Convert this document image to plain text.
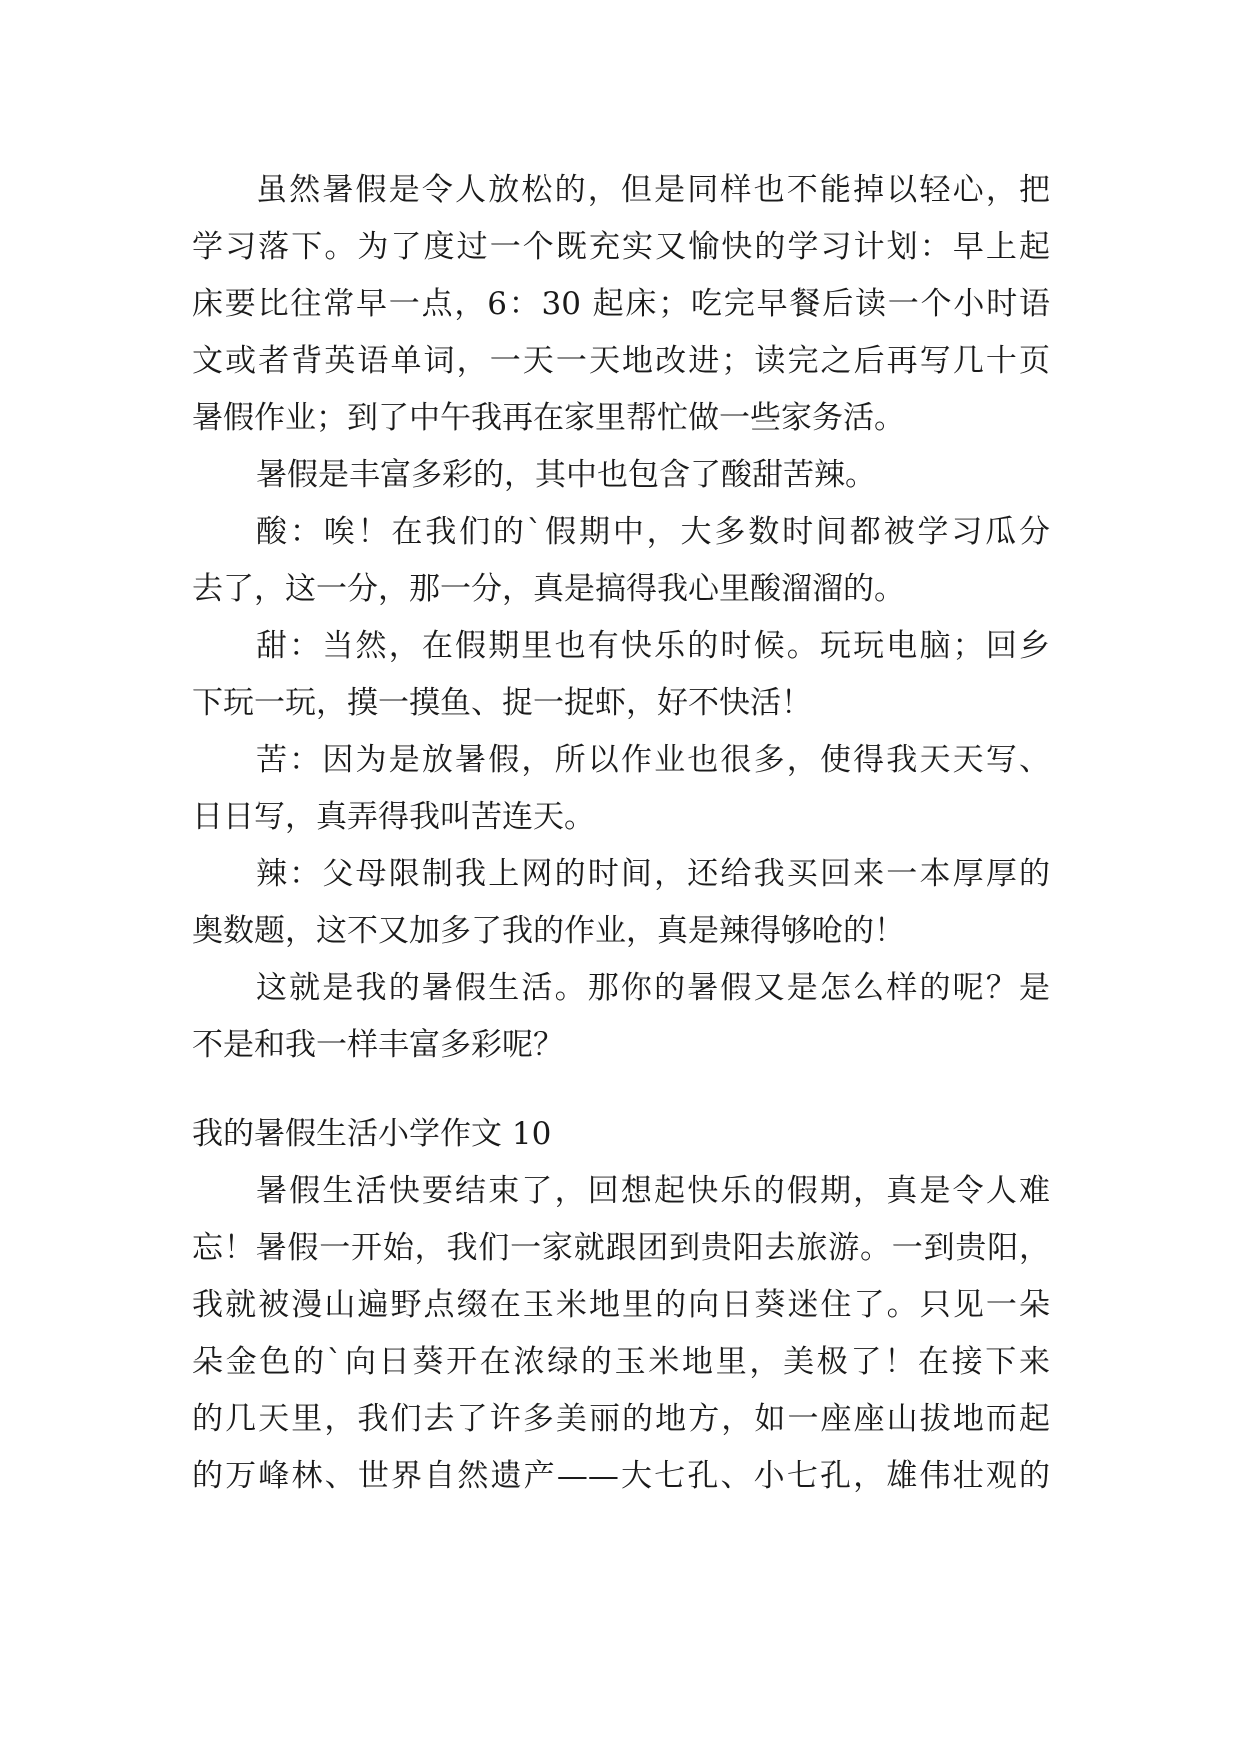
虽然暑假是令人放松的，但是同样也不能掉以轻心，把
学习落下。为了度过一个既充实又愉快的学习计划：早上起
床要比往常早一点，6：30 起床；吃完早餐后读一个小时语
文或者背英语单词，一天一天地改进；读完之后再写几十页
暑假作业；到了中午我再在家里帮忙做一些家务活。
暑假是丰富多彩的，其中也包含了酸甜苦辣。
酸：唉！在我们的`假期中，大多数时间都被学习瓜分
去了，这一分，那一分，真是搞得我心里酸溜溜的。
甜：当然，在假期里也有快乐的时候。玩玩电脑；回乡
下玩一玩，摸一摸鱼、捉一捉虾，好不快活！
苦：因为是放暑假，所以作业也很多，使得我天天写、
日日写，真弄得我叫苦连天。
辣：父母限制我上网的时间，还给我买回来一本厚厚的
奥数题，这不又加多了我的作业，真是辣得够呛的！
这就是我的暑假生活。那你的暑假又是怎么样的呢？是
不是和我一样丰富多彩呢？
我的暑假生活小学作文 10
暑假生活快要结束了，回想起快乐的假期，真是令人难
忘！暑假一开始，我们一家就跟团到贵阳去旅游。一到贵阳，
我就被漫山遍野点缀在玉米地里的向日葵迷住了。只见一朵
朵金色的`向日葵开在浓绿的玉米地里，美极了！在接下来
的几天里，我们去了许多美丽的地方，如一座座山拔地而起
的万峰林、世界自然遗产——大七孔、小七孔，雄伟壮观的
